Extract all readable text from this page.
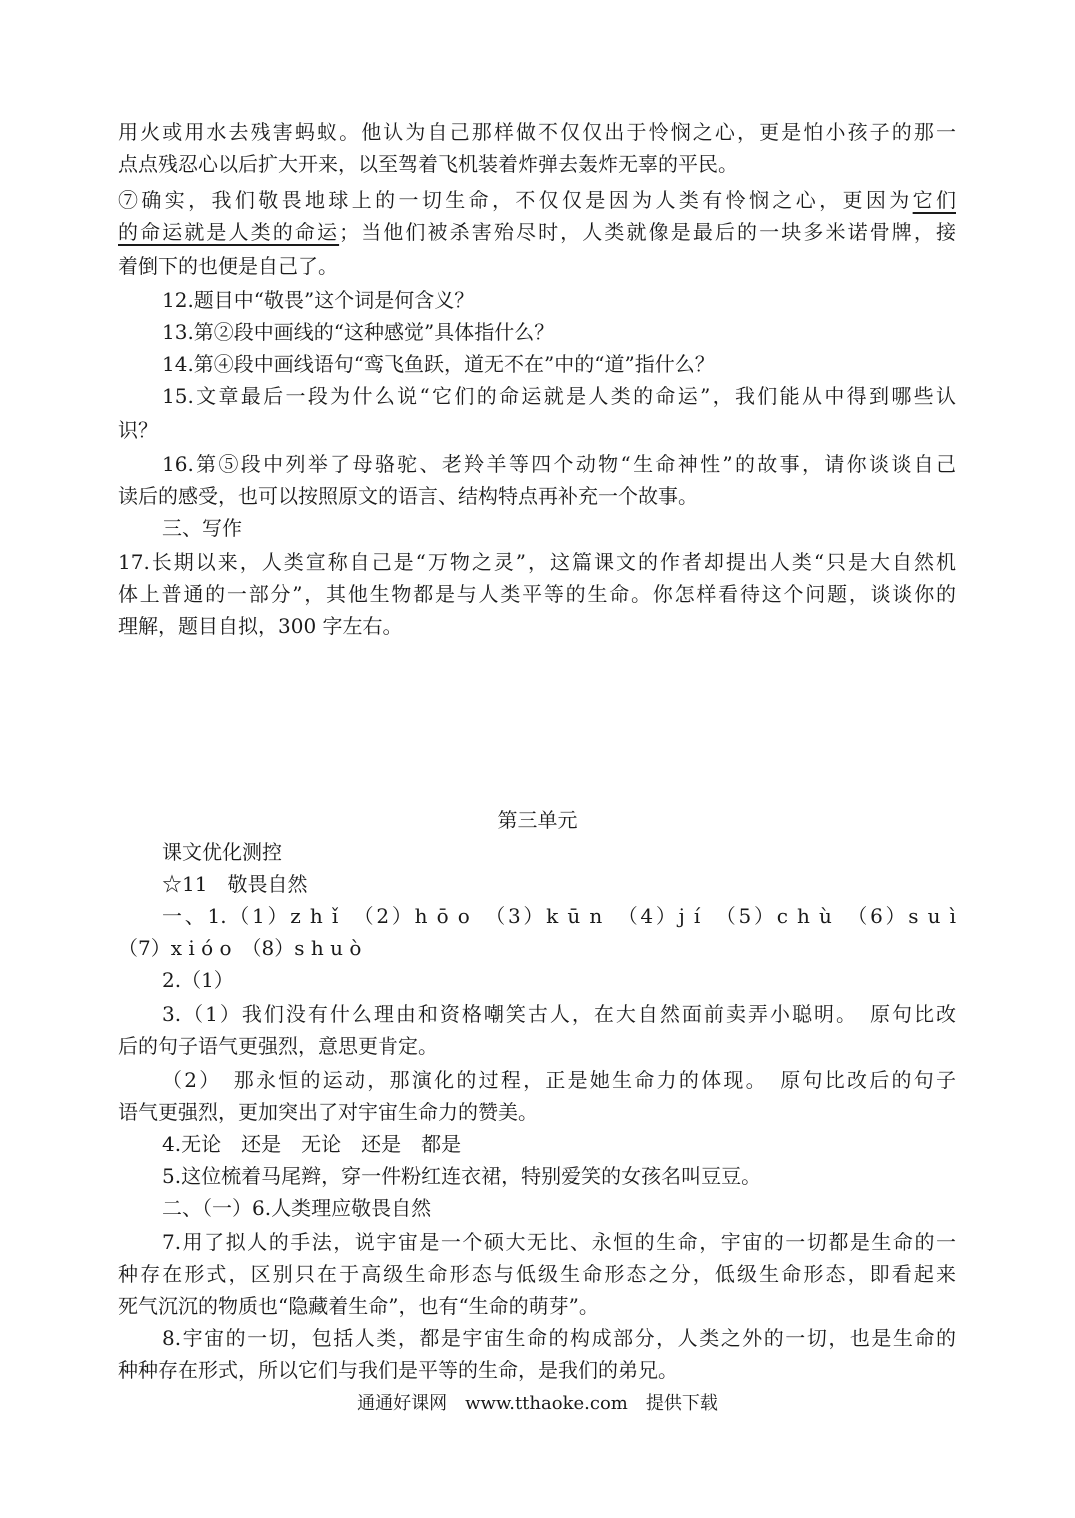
用火或用水去残害蚂蚁。他认为自己那样做不仅仅出于怜悯之心，更是怕小孩子的那一
点点残忍心以后扩大开来，以至驾着飞机装着炸弹去轰炸无辜的平民。
⑦确实，我们敬畏地球上的一切生命，不仅仅是因为人类有怜悯之心，更因为它们
的命运就是人类的命运；当他们被杀害殆尽时，人类就像是最后的一块多米诺骨牌，接
着倒下的也便是自己了。
12.题目中“敬畏”这个词是何含义？
13.第②段中画线的“这种感觉”具体指什么？
14.第④段中画线语句“鸾飞鱼跃，道无不在”中的“道”指什么？
15.文章最后一段为什么说“它们的命运就是人类的命运”，我们能从中得到哪些认
识？
16.第⑤段中列举了母骆驼、老羚羊等四个动物“生命神性”的故事，请你谈谈自己
读后的感受，也可以按照原文的语言、结构特点再补充一个故事。
三、写作
17.长期以来，人类宣称自己是“万物之灵”，这篇课文的作者却提出人类“只是大自然机
体上普通的一部分”，其他生物都是与人类平等的生命。你怎样看待这个问题，谈谈你的
理解，题目自拟，300 字左右。
第三单元
课文优化测控
☆11　敬畏自然
一、1.（1）z h ǐ　（2）h ō o　（3）k ū n　（4）j í　（5）c h ù　（6）s u ì
（7）x i ó o　（8）s h u ò
2.（1）
3.（1）我们没有什么理由和资格嘲笑古人，在大自然面前卖弄小聪明。　原句比改
后的句子语气更强烈，意思更肯定。
（2）　那永恒的运动，那演化的过程，正是她生命力的体现。　原句比改后的句子
语气更强烈，更加突出了对宇宙生命力的赞美。
4.无论　还是　无论　还是　都是
5.这位梳着马尾辫，穿一件粉红连衣裙，特别爱笑的女孩名叫豆豆。
二、（一）6.人类理应敬畏自然
7.用了拟人的手法，说宇宙是一个硕大无比、永恒的生命，宇宙的一切都是生命的一
种存在形式，区别只在于高级生命形态与低级生命形态之分，低级生命形态，即看起来
死气沉沉的物质也“隐藏着生命”，也有“生命的萌芽”。
8.宇宙的一切，包括人类，都是宇宙生命的构成部分，人类之外的一切，也是生命的
种种存在形式，所以它们与我们是平等的生命，是我们的弟兄。
通通好课网　www.tthaoke.com　提供下载
